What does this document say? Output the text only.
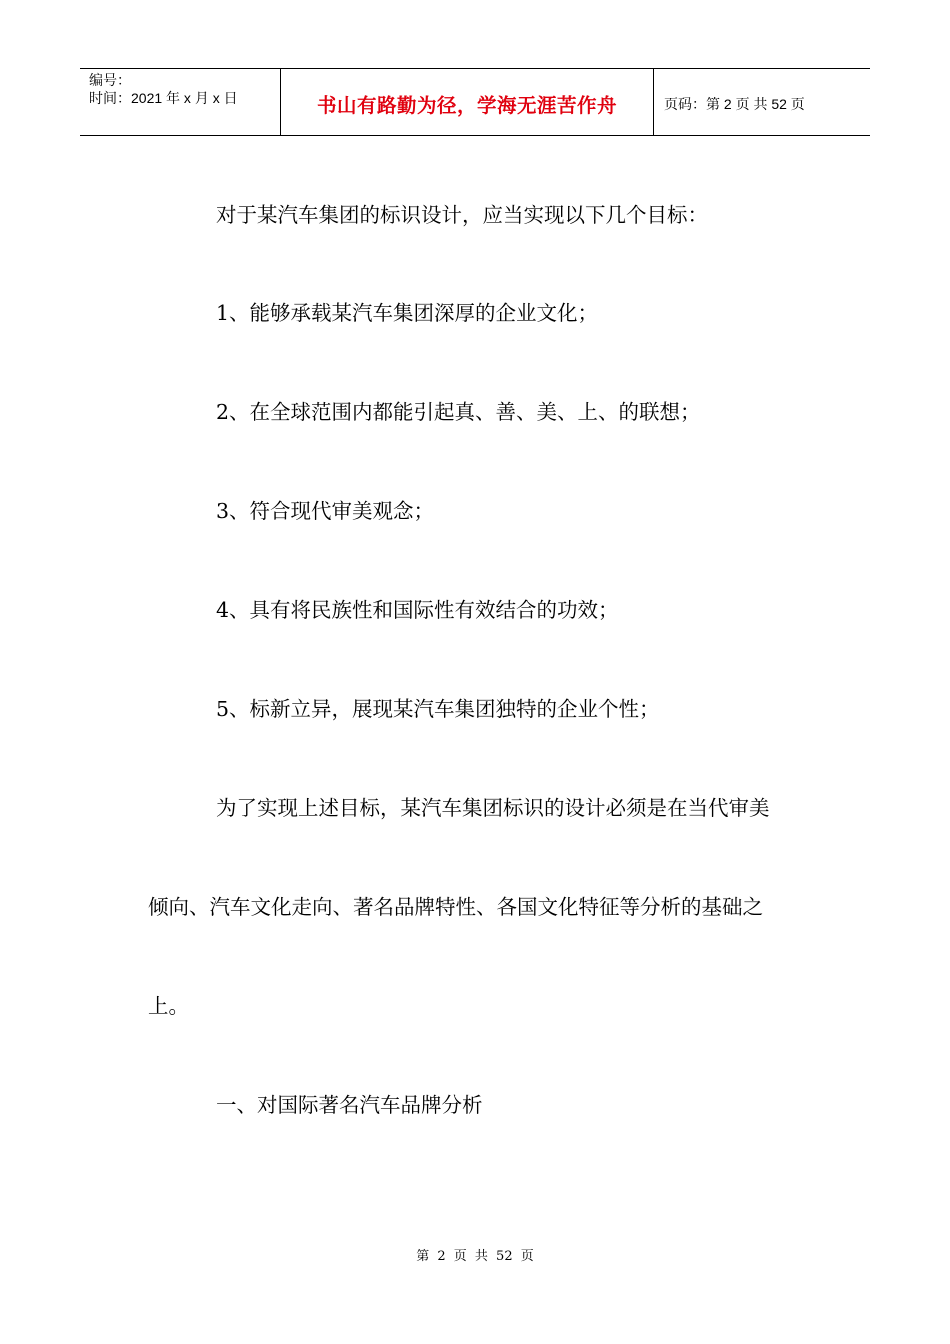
编号：
时间：2021 年 x 月 x 日	书山有路勤为径，学海无涯苦作舟	页码：第 2 页 共 52 页

对于某汽车集团的标识设计，应当实现以下几个目标：

1、能够承载某汽车集团深厚的企业文化；

2、在全球范围内都能引起真、善、美、上、的联想；

3、符合现代审美观念；

4、具有将民族性和国际性有效结合的功效；

5、标新立异，展现某汽车集团独特的企业个性；

为了实现上述目标，某汽车集团标识的设计必须是在当代审美

倾向、汽车文化走向、著名品牌特性、各国文化特征等分析的基础之

上。

一、对国际著名汽车品牌分析

第 2 页 共 52 页
